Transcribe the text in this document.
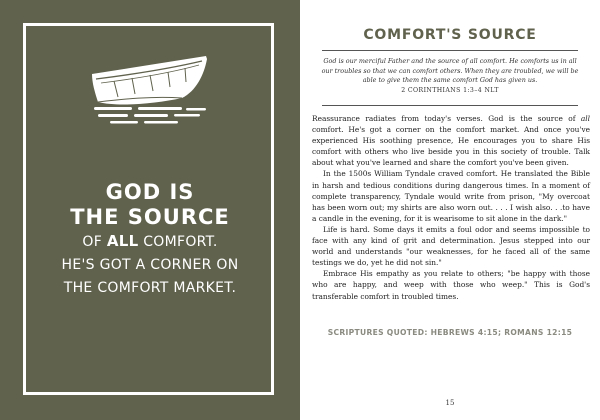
GOD IS
THE SOURCE
OF ALL COMFORT.
HE'S GOT A CORNER ON
THE COMFORT MARKET.
COMFORT'S SOURCE
God is our merciful Father and the source of all comfort. He comforts us in all our troubles so that we can comfort others. When they are troubled, we will be able to give them the same comfort God has given us.
2 CORINTHIANS 1:3–4 NLT

Reassurance radiates from today's verses. God is the source of all comfort. He's got a corner on the comfort market. And once you've experienced His soothing presence, He encourages you to share His comfort with others who live beside you in this society of trouble. Talk about what you've learned and share the comfort you've been given.

In the 1500s William Tyndale craved comfort. He translated the Bible in harsh and tedious conditions during dangerous times. In a moment of complete transparency, Tyndale would write from prison, "My overcoat has been worn out; my shirts are also worn out. . . . I wish also. . .to have a candle in the evening, for it is wearisome to sit alone in the dark."

Life is hard. Some days it emits a foul odor and seems impossible to face with any kind of grit and determination. Jesus stepped into our world and understands "our weaknesses, for he faced all of the same testings we do, yet he did not sin."

Embrace His empathy as you relate to others; "be happy with those who are happy, and weep with those who weep." This is God's transferable comfort in troubled times.

SCRIPTURES QUOTED: HEBREWS 4:15; ROMANS 12:15
15
